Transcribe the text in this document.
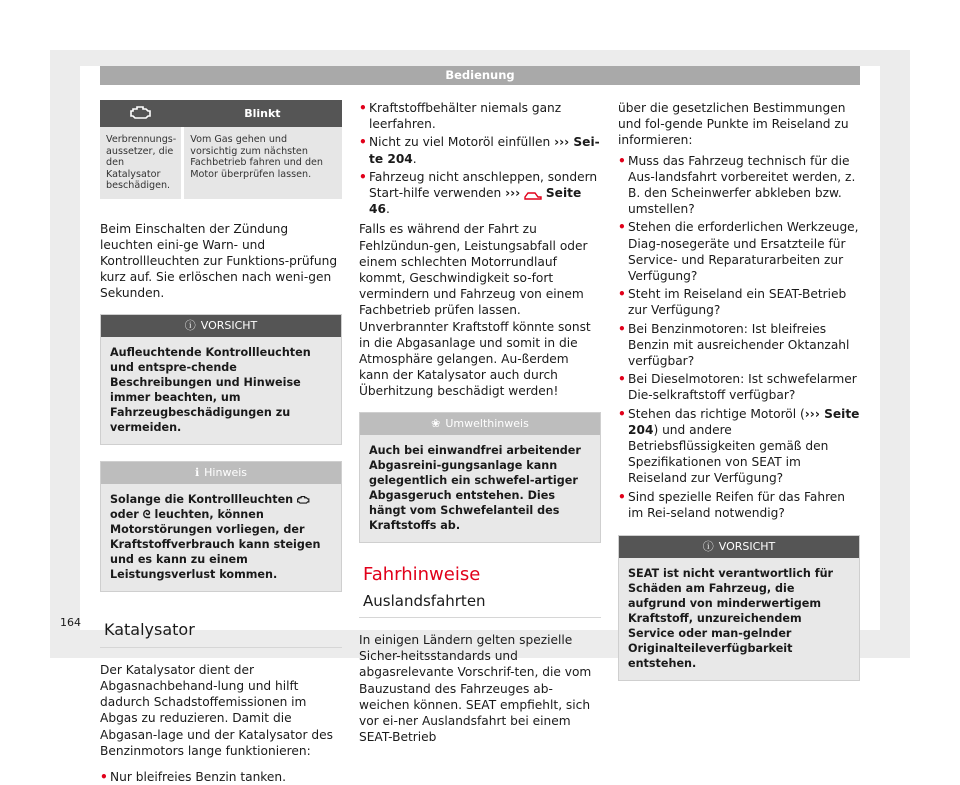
Bedienung
	Blinkt
Verbrennungs-aussetzer, die den Katalysator beschädigen.	Vom Gas gehen und vorsichtig zum nächsten Fachbetrieb fahren und den Motor überprüfen lassen.

Beim Einschalten der Zündung leuchten eini-ge Warn- und Kontrollleuchten zur Funktions-prüfung kurz auf. Sie erlöschen nach weni-gen Sekunden.

ⓘ VORSICHT
Aufleuchtende Kontrollleuchten und entspre-chende Beschreibungen und Hinweise immer beachten, um Fahrzeugbeschädigungen zu vermeiden.
ℹ Hinweis
Solange die Kontrollleuchten  oder ᘓ leuchten, können Motorstörungen vorliegen, der Kraftstoffverbrauch kann steigen und es kann zu einem Leistungsverlust kommen.
Katalysator

Der Katalysator dient der Abgasnachbehand-lung und hilft dadurch Schadstoffemissionen im Abgas zu reduzieren. Damit die Abgasan-lage und der Katalysator des Benzinmotors lange funktionieren:

• Nur bleifreies Benzin tanken.
• Kraftstoffbehälter niemals ganz leerfahren.
• Nicht zu viel Motoröl einfüllen ››› Sei-te 204.
• Fahrzeug nicht anschleppen, sondern Start-hilfe verwenden ››› Seite 46.

Falls es während der Fahrt zu Fehlzündun-gen, Leistungsabfall oder einem schlechten Motorrundlauf kommt, Geschwindigkeit so-fort vermindern und Fahrzeug von einem Fachbetrieb prüfen lassen. Unverbrannter Kraftstoff könnte sonst in die Abgasanlage und somit in die Atmosphäre gelangen. Au-ßerdem kann der Katalysator auch durch Überhitzung beschädigt werden!

❀ Umwelthinweis
Auch bei einwandfrei arbeitender Abgasreini-gungsanlage kann gelegentlich ein schwefel-artiger Abgasgeruch entstehen. Dies hängt vom Schwefelanteil des Kraftstoffs ab.
Fahrhinweise
Auslandsfahrten

In einigen Ländern gelten spezielle Sicher-heitsstandards und abgasrelevante Vorschrif-ten, die vom Bauzustand des Fahrzeuges ab-weichen können. SEAT empfiehlt, sich vor ei-ner Auslandsfahrt bei einem SEAT-Betrieb

über die gesetzlichen Bestimmungen und fol-gende Punkte im Reiseland zu informieren:

• Muss das Fahrzeug technisch für die Aus-landsfahrt vorbereitet werden, z. B. den Scheinwerfer abkleben bzw. umstellen?
• Stehen die erforderlichen Werkzeuge, Diag-nosegeräte und Ersatzteile für Service- und Reparaturarbeiten zur Verfügung?
• Steht im Reiseland ein SEAT-Betrieb zur Verfügung?
• Bei Benzinmotoren: Ist bleifreies Benzin mit ausreichender Oktanzahl verfügbar?
• Bei Dieselmotoren: Ist schwefelarmer Die-selkraftstoff verfügbar?
• Stehen das richtige Motoröl (››› Seite 204) und andere Betriebsflüssigkeiten gemäß den Spezifikationen von SEAT im Reiseland zur Verfügung?
• Sind spezielle Reifen für das Fahren im Rei-seland notwendig?
ⓘ VORSICHT
SEAT ist nicht verantwortlich für Schäden am Fahrzeug, die aufgrund von minderwertigem Kraftstoff, unzureichendem Service oder man-gelnder Originalteileverfügbarkeit entstehen.
164
